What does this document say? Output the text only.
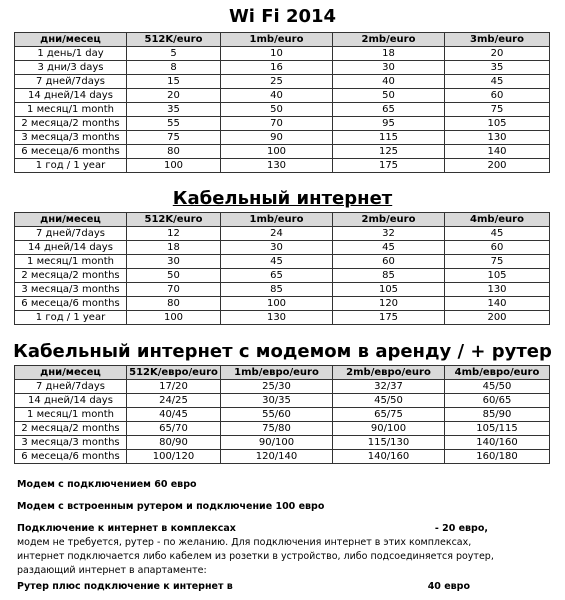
Wi Fi 2014
дни/месец	512K/euro	1mb/euro	2mb/euro	3mb/euro
1 день/1 day	5	10	18	20
3 дни/3 days	8	16	30	35
7 дней/7days	15	25	40	45
14 дней/14 days	20	40	50	60
1 месяц/1 month	35	50	65	75
2 месяца/2 months	55	70	95	105
3 месяца/3 months	75	90	115	130
6 месеца/6 months	80	100	125	140
1 год / 1 year	100	130	175	200
Кабельный интернет
дни/месец	512K/euro	1mb/euro	2mb/euro	4mb/euro
7 дней/7days	12	24	32	45
14 дней/14 days	18	30	45	60
1 месяц/1 month	30	45	60	75
2 месяца/2 months	50	65	85	105
3 месяца/3 months	70	85	105	130
6 месеца/6 months	80	100	120	140
1 год / 1 year	100	130	175	200
Кабельный интернет с модемом в аренду / + рутер
дни/месец	512K/евро/euro	1mb/евро/euro	2mb/евро/euro	4mb/евро/euro
7 дней/7days	17/20	25/30	32/37	45/50
14 дней/14 days	24/25	30/35	45/50	60/65
1 месяц/1 month	40/45	55/60	65/75	85/90
2 месяца/2 months	65/70	75/80	90/100	105/115
3 месяца/3 months	80/90	90/100	115/130	140/160
6 месеца/6 months	100/120	120/140	140/160	160/180
Модем с подключением 60 евро
Модем с встроенным рутером и подключение 100 евро
Подключение к интернет в комплексах	- 20 евро,
модем не требуется, рутер - по желанию. Для подключения интернет в этих комплексах,
интернет подключается либо кабелем из розетки в устройство, либо подсоединяется роутер,
раздающий интернет в апартаменте:
Рутер плюс подключение к интернет в	40 евро
